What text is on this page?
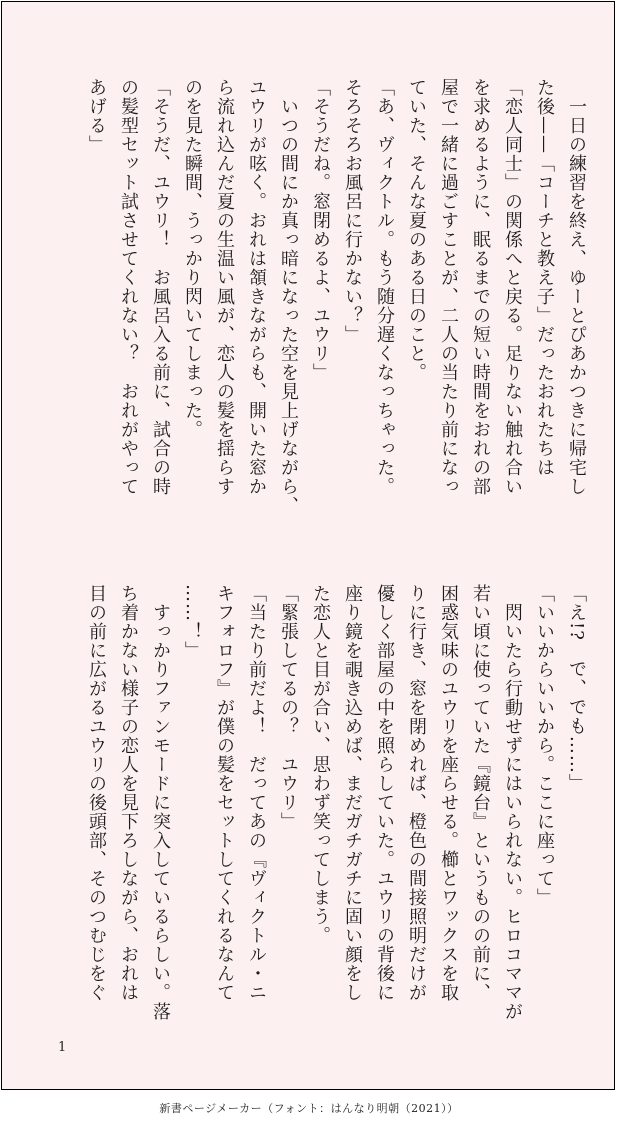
　一日の練習を終え、ゆーとぴあかつきに帰宅し
た後——「コーチと教え子」だったおれたちは
「恋人同士」の関係へと戻る。足りない触れ合い
を求めるように、眠るまでの短い時間をおれの部
屋で一緒に過ごすことが、二人の当たり前になっ
ていた、そんな夏のある日のこと。
「あ、ヴィクトル。もう随分遅くなっちゃった。
そろそろお風呂に行かない？」
「そうだね。窓閉めるよ、ユウリ」
　いつの間にか真っ暗になった空を見上げながら、
ユウリが呟く。おれは頷きながらも、開いた窓か
ら流れ込んだ夏の生温い風が、恋人の髪を揺らす
のを見た瞬間、うっかり閃いてしまった。
「そうだ、ユウリ！　お風呂入る前に、試合の時
の髪型セット試させてくれない？　おれがやって
あげる」
「え!?　で、でも……」
「いいからいいから。ここに座って」
　閃いたら行動せずにはいられない。ヒロコママが
若い頃に使っていた『鏡台』というものの前に、
困惑気味のユウリを座らせる。櫛とワックスを取
りに行き、窓を閉めれば、橙色の間接照明だけが
優しく部屋の中を照らしていた。ユウリの背後に
座り鏡を覗き込めば、まだガチガチに固い顔をし
た恋人と目が合い、思わず笑ってしまう。
「緊張してるの？　ユウリ」
「当たり前だよ！　だってあの『ヴィクトル・ニ
キフォロフ』が僕の髪をセットしてくれるなんて
……！」
　すっかりファンモードに突入しているらしい。落
ち着かない様子の恋人を見下ろしながら、おれは
目の前に広がるユウリの後頭部、そのつむじをぐ
1
新書ページメーカー（フォント：はんなり明朝（2021））
